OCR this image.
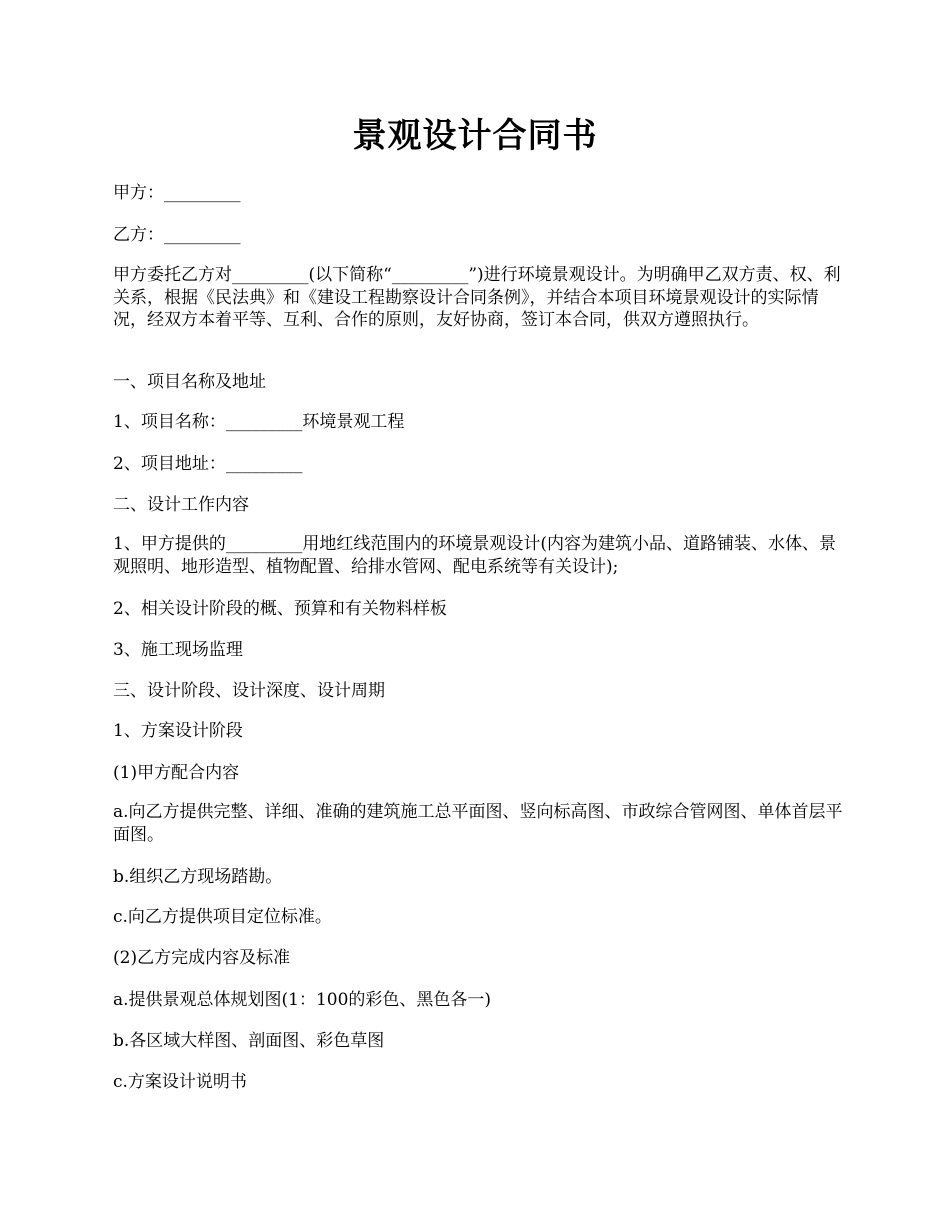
景观设计合同书

甲方：_________

乙方：_________

甲方委托乙方对_________(以下简称“_________”)进行环境景观设计。为明确甲乙双方责、权、利关系，根据《民法典》和《建设工程勘察设计合同条例》，并结合本项目环境景观设计的实际情况，经双方本着平等、互利、合作的原则，友好协商，签订本合同，供双方遵照执行。

一、项目名称及地址

1、项目名称：_________环境景观工程

2、项目地址：_________

二、设计工作内容

1、甲方提供的_________用地红线范围内的环境景观设计(内容为建筑小品、道路铺装、水体、景观照明、地形造型、植物配置、给排水管网、配电系统等有关设计);

2、相关设计阶段的概、预算和有关物料样板

3、施工现场监理

三、设计阶段、设计深度、设计周期

1、方案设计阶段

(1)甲方配合内容

a.向乙方提供完整、详细、准确的建筑施工总平面图、竖向标高图、市政综合管网图、单体首层平面图。

b.组织乙方现场踏勘。

c.向乙方提供项目定位标准。

(2)乙方完成内容及标准

a.提供景观总体规划图(1：100的彩色、黑色各一)

b.各区域大样图、剖面图、彩色草图

c.方案设计说明书
